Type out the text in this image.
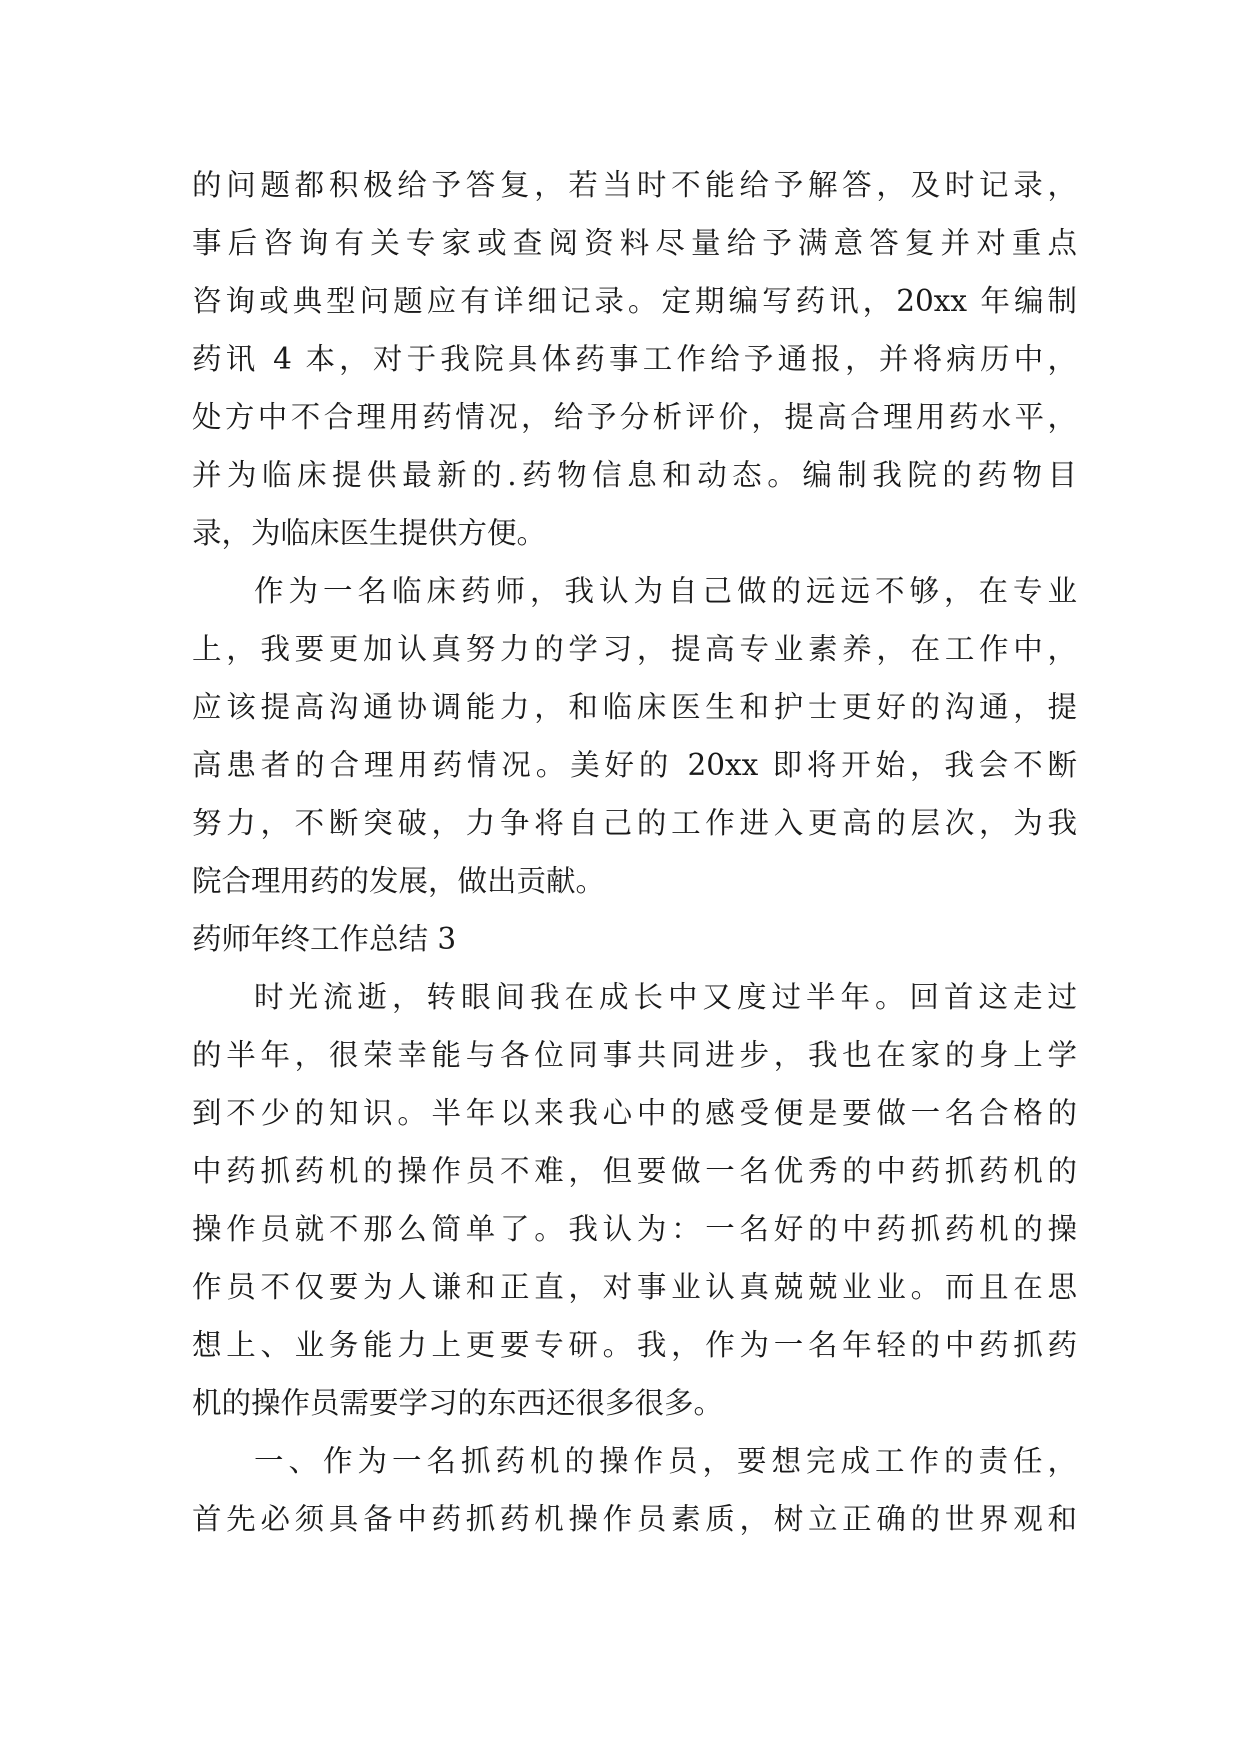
的问题都积极给予答复，若当时不能给予解答，及时记录，
事后咨询有关专家或查阅资料尽量给予满意答复并对重点
咨询或典型问题应有详细记录。定期编写药讯，20xx 年编制
药讯 4 本，对于我院具体药事工作给予通报，并将病历中，
处方中不合理用药情况，给予分析评价，提高合理用药水平，
并为临床提供最新的.药物信息和动态。编制我院的药物目
录，为临床医生提供方便。
作为一名临床药师，我认为自己做的远远不够，在专业
上，我要更加认真努力的学习，提高专业素养，在工作中，
应该提高沟通协调能力，和临床医生和护士更好的沟通，提
高患者的合理用药情况。美好的 20xx 即将开始，我会不断
努力，不断突破，力争将自己的工作进入更高的层次，为我
院合理用药的发展，做出贡献。
药师年终工作总结 3
时光流逝，转眼间我在成长中又度过半年。回首这走过
的半年，很荣幸能与各位同事共同进步，我也在家的身上学
到不少的知识。半年以来我心中的感受便是要做一名合格的
中药抓药机的操作员不难，但要做一名优秀的中药抓药机的
操作员就不那么简单了。我认为：一名好的中药抓药机的操
作员不仅要为人谦和正直，对事业认真兢兢业业。而且在思
想上、业务能力上更要专研。我，作为一名年轻的中药抓药
机的操作员需要学习的东西还很多很多。
一、作为一名抓药机的操作员，要想完成工作的责任，
首先必须具备中药抓药机操作员素质，树立正确的世界观和
